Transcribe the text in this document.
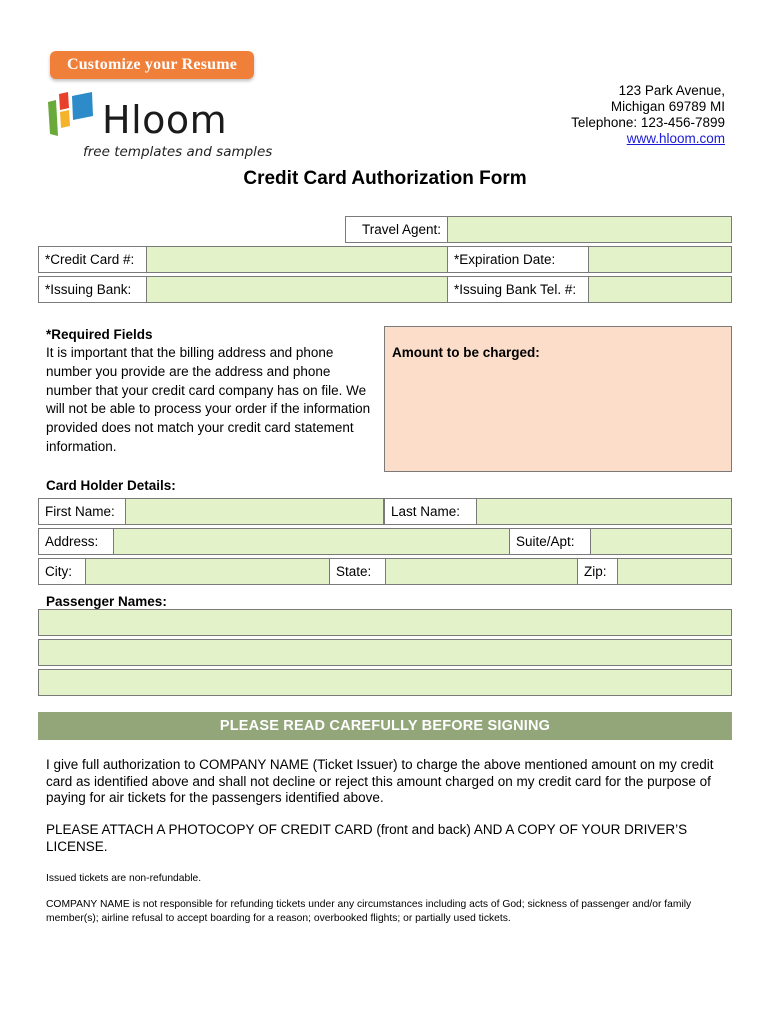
Customize your Resume
Hloom
free templates and samples
123 Park Avenue,
Michigan 69789 MI
Telephone: 123-456-7899
www.hloom.com
Credit Card Authorization Form
Travel Agent:
*Credit Card #:	*Expiration Date:
*Issuing Bank:	*Issuing Bank Tel. #:
*Required Fields
It is important that the billing address and phone number you provide are the address and phone number that your credit card company has on file. We will not be able to process your order if the information provided does not match your credit card statement information.
Amount to be charged:
Card Holder Details:
First Name:	Last Name:
Address:	Suite/Apt:
City:	State:	Zip:
Passenger Names:
PLEASE READ CAREFULLY BEFORE SIGNING
I give full authorization to COMPANY NAME (Ticket Issuer) to charge the above mentioned amount on my credit card as identified above and shall not decline or reject this amount charged on my credit card for the purpose of paying for air tickets for the passengers identified above.
PLEASE ATTACH A PHOTOCOPY OF CREDIT CARD (front and back) AND A COPY OF YOUR DRIVER’S LICENSE.
Issued tickets are non-refundable.
COMPANY NAME is not responsible for refunding tickets under any circumstances including acts of God; sickness of passenger and/or family member(s); airline refusal to accept boarding for a reason; overbooked flights; or partially used tickets.
